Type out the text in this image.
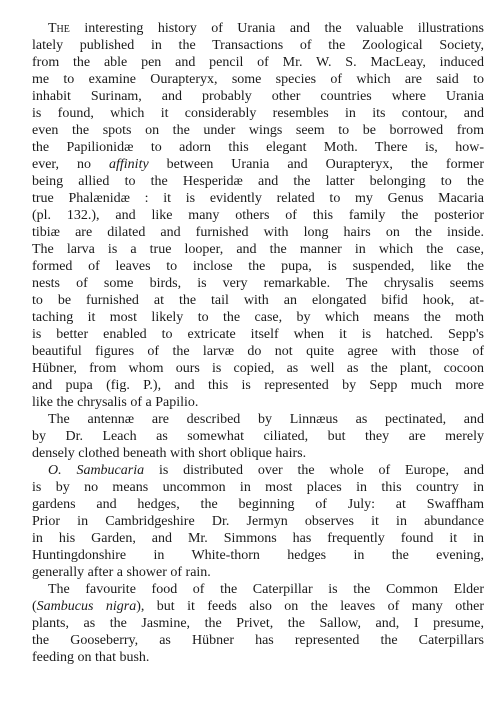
The interesting history of Urania and the valuable illustrations
lately published in the Transactions of the Zoological Society,
from the able pen and pencil of Mr. W. S. MacLeay, induced
me to examine Ourapteryx, some species of which are said to
inhabit Surinam, and probably other countries where Urania
is found, which it considerably resembles in its contour, and
even the spots on the under wings seem to be borrowed from
the Papilionidæ to adorn this elegant Moth. There is, how-
ever, no affinity between Urania and Ourapteryx, the former
being allied to the Hesperidæ and the latter belonging to the
true Phalænidæ : it is evidently related to my Genus Macaria
(pl. 132.), and like many others of this family the posterior
tibiæ are dilated and furnished with long hairs on the inside.
The larva is a true looper, and the manner in which the case,
formed of leaves to inclose the pupa, is suspended, like the
nests of some birds, is very remarkable. The chrysalis seems
to be furnished at the tail with an elongated bifid hook, at-
taching it most likely to the case, by which means the moth
is better enabled to extricate itself when it is hatched. Sepp's
beautiful figures of the larvæ do not quite agree with those of
Hübner, from whom ours is copied, as well as the plant, cocoon
and pupa (fig. P.), and this is represented by Sepp much more
like the chrysalis of a Papilio.
The antennæ are described by Linnæus as pectinated, and
by Dr. Leach as somewhat ciliated, but they are merely
densely clothed beneath with short oblique hairs.
O. Sambucaria is distributed over the whole of Europe, and
is by no means uncommon in most places in this country in
gardens and hedges, the beginning of July: at Swaffham
Prior in Cambridgeshire Dr. Jermyn observes it in abundance
in his Garden, and Mr. Simmons has frequently found it in
Huntingdonshire in White-thorn hedges in the evening,
generally after a shower of rain.
The favourite food of the Caterpillar is the Common Elder
(Sambucus nigra), but it feeds also on the leaves of many other
plants, as the Jasmine, the Privet, the Sallow, and, I presume,
the Gooseberry, as Hübner has represented the Caterpillars
feeding on that bush.
